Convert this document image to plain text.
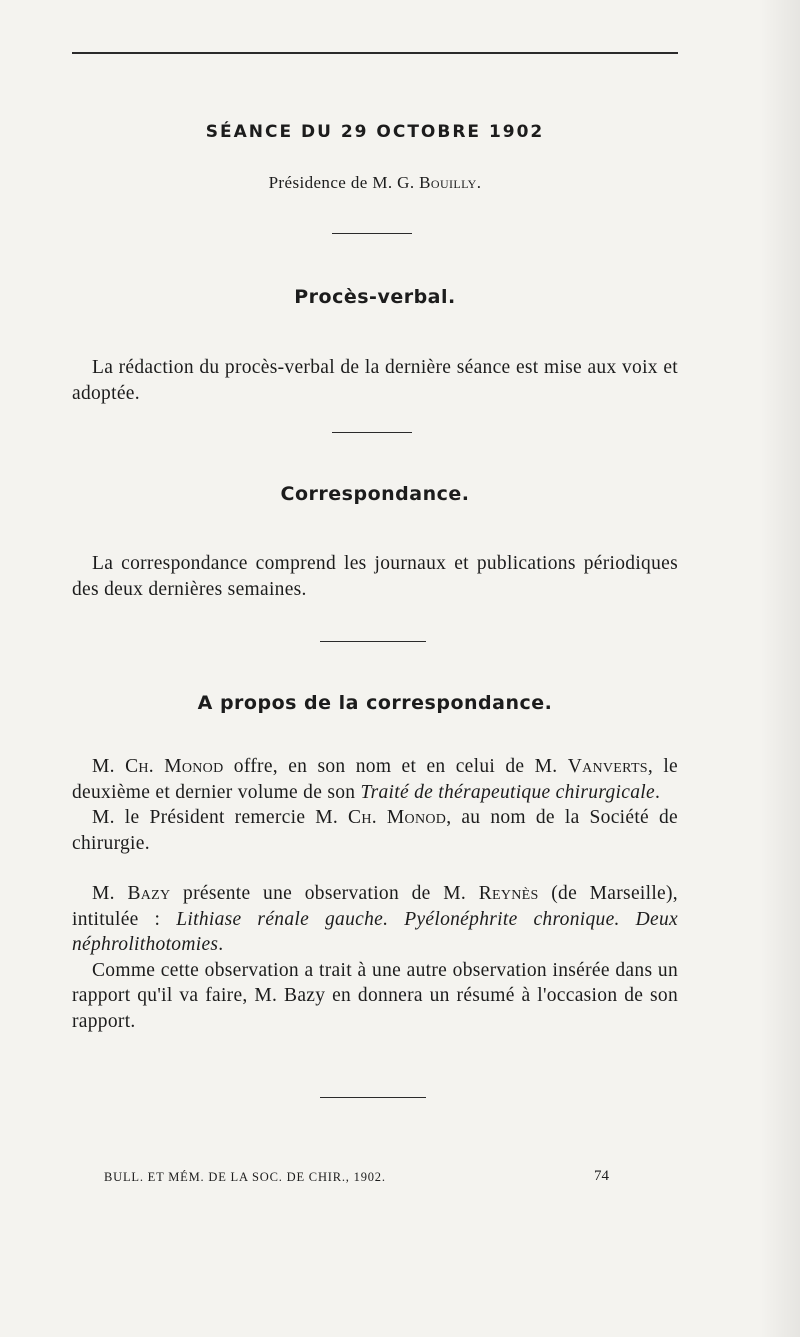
SÉANCE DU 29 OCTOBRE 1902
Présidence de M. G. Bouilly.
Procès-verbal.

La rédaction du procès-verbal de la dernière séance est mise aux voix et adoptée.

Correspondance.

La correspondance comprend les journaux et publications périodiques des deux dernières semaines.

A propos de la correspondance.

M. Ch. Monod offre, en son nom et en celui de M. Vanverts, le deuxième et dernier volume de son Traité de thérapeutique chirurgicale.

M. le Président remercie M. Ch. Monod, au nom de la Société de chirurgie.

M. Bazy présente une observation de M. Reynès (de Marseille), intitulée : Lithiase rénale gauche. Pyélonéphrite chronique. Deux néphrolithotomies.

Comme cette observation a trait à une autre observation insérée dans un rapport qu'il va faire, M. Bazy en donnera un résumé à l'occasion de son rapport.

BULL. ET MÉM. DE LA SOC. DE CHIR., 1902.	74
